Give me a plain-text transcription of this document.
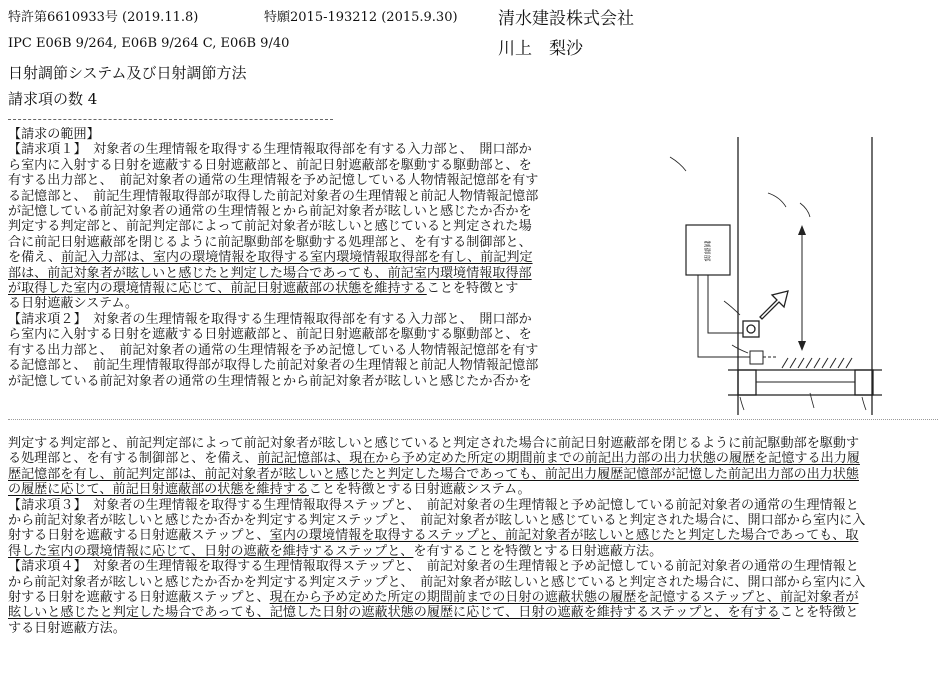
特許第6610933号 (2019.11.8)	特願2015-193212 (2015.9.30) 清水建設株式会社
IPC E06B 9/264, E06B 9/264 C, E06B 9/40	川上　梨沙
日射調節システム及び日射調節方法
請求項の数 4
【請求の範囲】
【請求項１】　対象者の生理情報を取得する生理情報取得部を有する入力部と、　開口部か
ら室内に入射する日射を遮蔽する日射遮蔽部と、前記日射遮蔽部を駆動する駆動部と、を
有する出力部と、　前記対象者の通常の生理情報を予め記憶している人物情報記憶部を有す
る記憶部と、　前記生理情報取得部が取得した前記対象者の生理情報と前記人物情報記憶部
が記憶している前記対象者の通常の生理情報とから前記対象者が眩しいと感じたか否かを
判定する判定部と、前記判定部によって前記対象者が眩しいと感じていると判定された場
合に前記日射遮蔽部を閉じるように前記駆動部を駆動する処理部と、を有する制御部と、
を備え、前記入力部は、室内の環境情報を取得する室内環境情報取得部を有し、前記判定
部は、前記対象者が眩しいと感じたと判定した場合であっても、前記室内環境情報取得部
が取得した室内の環境情報に応じて、前記日射遮蔽部の状態を維持することを特徴とす
る日射遮蔽システム。
【請求項２】　対象者の生理情報を取得する生理情報取得部を有する入力部と、　開口部か
ら室内に入射する日射を遮蔽する日射遮蔽部と、前記日射遮蔽部を駆動する駆動部と、を
有する出力部と、　前記対象者の通常の生理情報を予め記憶している人物情報記憶部を有す
る記憶部と、　前記生理情報取得部が取得した前記対象者の生理情報と前記人物情報記憶部
が記憶している前記対象者の通常の生理情報とから前記対象者が眩しいと感じたか否かを
制御部
判定する判定部と、前記判定部によって前記対象者が眩しいと感じていると判定された場合に前記日射遮蔽部を閉じるように前記駆動部を駆動す
る処理部と、を有する制御部と、を備え、前記記憶部は、現在から予め定めた所定の期間前までの前記出力部の出力状態の履歴を記憶する出力履
歴記憶部を有し、前記判定部は、前記対象者が眩しいと感じたと判定した場合であっても、前記出力履歴記憶部が記憶した前記出力部の出力状態
の履歴に応じて、前記日射遮蔽部の状態を維持することを特徴とする日射遮蔽システム。
【請求項３】　対象者の生理情報を取得する生理情報取得ステップと、　前記対象者の生理情報と予め記憶している前記対象者の通常の生理情報と
から前記対象者が眩しいと感じたか否かを判定する判定ステップと、　前記対象者が眩しいと感じていると判定された場合に、開口部から室内に入
射する日射を遮蔽する日射遮蔽ステップと、室内の環境情報を取得するステップと、前記対象者が眩しいと感じたと判定した場合であっても、取
得した室内の環境情報に応じて、日射の遮蔽を維持するステップと、を有することを特徴とする日射遮蔽方法。
【請求項４】　対象者の生理情報を取得する生理情報取得ステップと、　前記対象者の生理情報と予め記憶している前記対象者の通常の生理情報と
から前記対象者が眩しいと感じたか否かを判定する判定ステップと、　前記対象者が眩しいと感じていると判定された場合に、開口部から室内に入
射する日射を遮蔽する日射遮蔽ステップと、現在から予め定めた所定の期間前までの日射の遮蔽状態の履歴を記憶するステップと、前記対象者が
眩しいと感じたと判定した場合であっても、記憶した日射の遮蔽状態の履歴に応じて、日射の遮蔽を維持するステップと、を有することを特徴と
する日射遮蔽方法。
